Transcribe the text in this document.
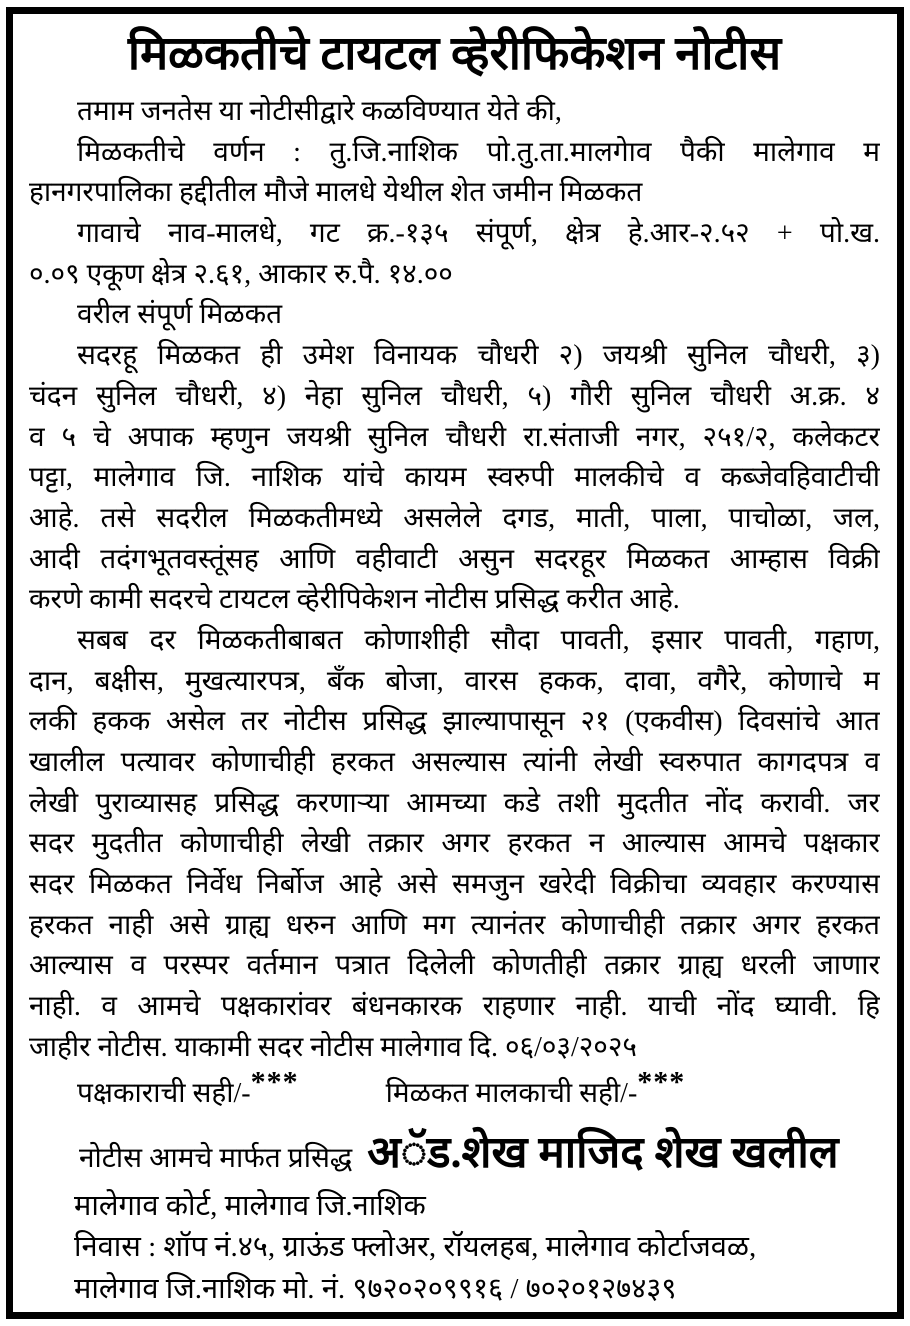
मिळकतीचे टायटल व्हेरीफिकेशन नोटीस
तमाम जनतेस या नोटीसीद्वारे कळविण्यात येते की,
मिळकतीचे वर्णन : तु.जि.नाशिक पो.तु.ता.मालगेाव पैकी मालेगाव म
हानगरपालिका हद्दीतील मौजे मालधे येथील शेत जमीन मिळकत
गावाचे नाव-मालधे, गट क्र.-१३५ संपूर्ण, क्षेत्र हे.आर-२.५२ + पो.ख.
०.०९ एकूण क्षेत्र २.६१, आकार रु.पै. १४.००
वरील संपूर्ण मिळकत
सदरहू मिळकत ही उमेश विनायक चौधरी २) जयश्री सुनिल चौधरी, ३)
चंदन सुनिल चौधरी, ४) नेहा सुनिल चौधरी, ५) गौरी सुनिल चौधरी अ.क्र. ४
व ५ चे अपाक म्हणुन जयश्री सुनिल चौधरी रा.संताजी नगर, २५१/२, कलेकटर
पट्टा, मालेगाव जि. नाशिक यांचे कायम स्वरुपी मालकीचे व कब्जेवहिवाटीची
आहे. तसे सदरील मिळकतीमध्ये असलेले दगड, माती, पाला, पाचोळा, जल,
आदी तदंगभूतवस्तूंसह आणि वहीवाटी असुन सदरहूर मिळकत आम्हास विक्री
करणे कामी सदरचे टायटल व्हेरीपिकेशन नोटीस प्रसिद्ध करीत आहे.
सबब दर मिळकतीबाबत कोणाशीही सौदा पावती, इसार पावती, गहाण,
दान, बक्षीस, मुखत्यारपत्र, बँक बोजा, वारस हकक, दावा, वगैरे, कोणाचे म
लकी हकक असेल तर नोटीस प्रसिद्ध झाल्यापासून २१ (एकवीस) दिवसांचे आत
खालील पत्यावर कोणाचीही हरकत असल्यास त्यांनी लेखी स्वरुपात कागदपत्र व
लेखी पुराव्यासह प्रसिद्ध करणाऱ्या आमच्या कडे तशी मुदतीत नोंद करावी. जर
सदर मुदतीत कोणाचीही लेखी तक्रार अगर हरकत न आल्यास आमचे पक्षकार
सदर मिळकत निर्वेध निर्बोज आहे असे समजुन खरेदी विक्रीचा व्यवहार करण्यास
हरकत नाही असे ग्राह्य धरुन आणि मग त्यानंतर कोणाचीही तक्रार अगर हरकत
आल्यास व परस्पर वर्तमान पत्रात दिलेली कोणतीही तक्रार ग्राह्य धरली जाणार
नाही. व आमचे पक्षकारांवर बंधनकारक राहणार नाही. याची नोंद घ्यावी. हि
जाहीर नोटीस. याकामी सदर नोटीस मालेगाव दि. ०६/०३/२०२५
पक्षकाराची सही/-***	मिळकत मालकाची सही/-***
नोटीस आमचे मार्फत प्रसिद्ध अॅड.शेख माजिद शेख खलील
मालेगाव कोर्ट, मालेगाव जि.नाशिक
निवास : शॉप नं.४५, ग्राऊंड फ्लोअर, रॉयलहब, मालेगाव कोर्टाजवळ,
मालेगाव जि.नाशिक मो. नं. ९७२०२०९९१६ / ७०२०१२७४३९
